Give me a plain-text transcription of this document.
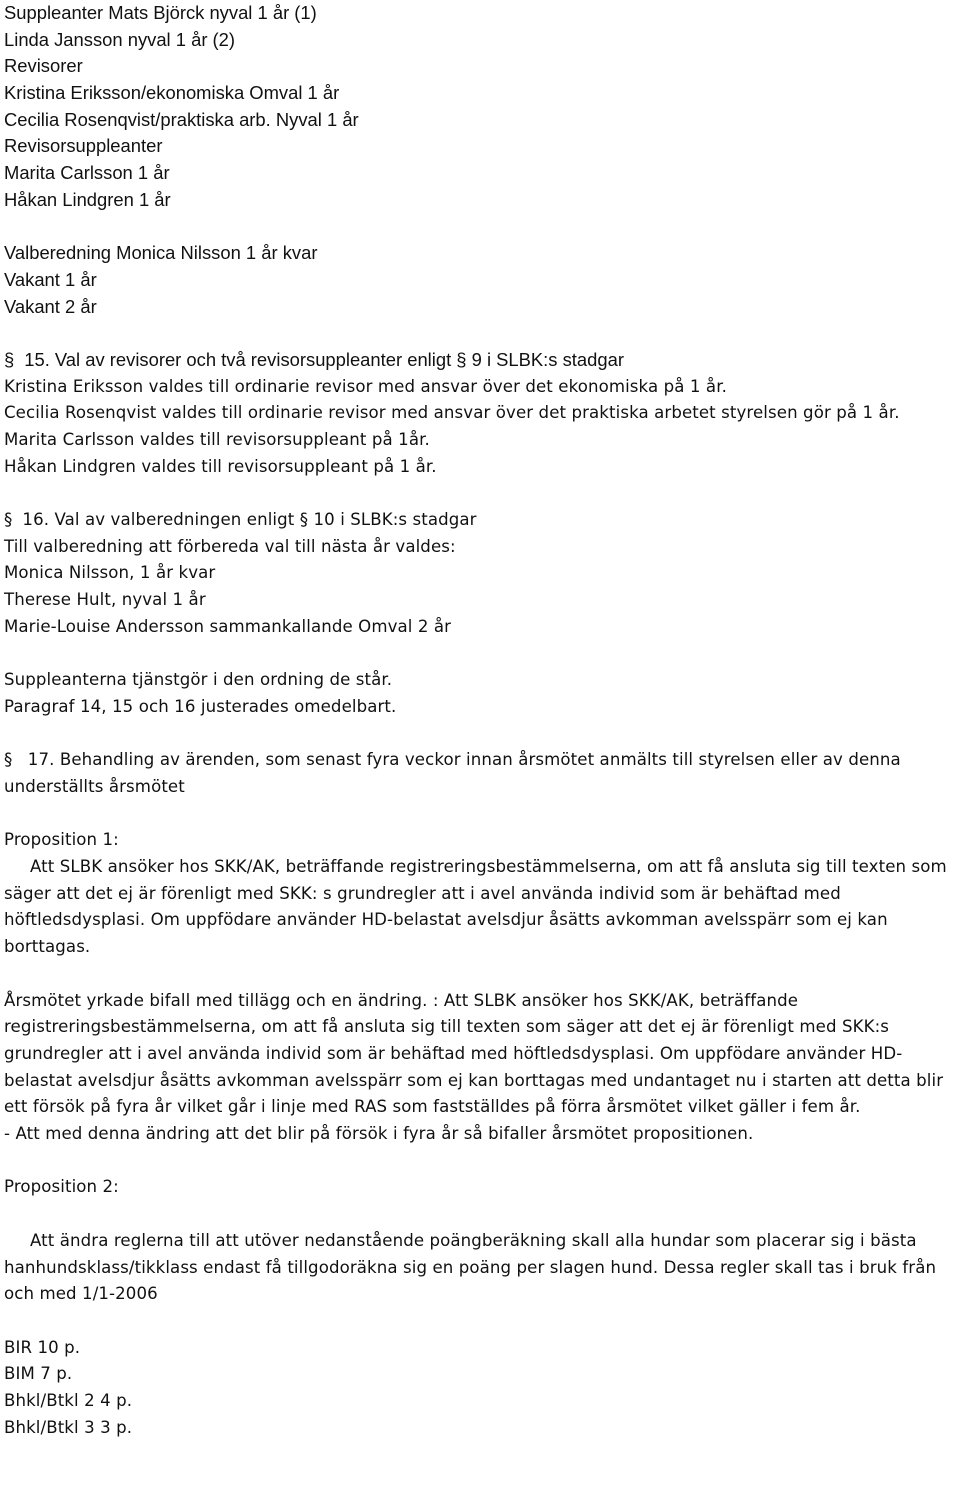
Suppleanter Mats Björck nyval 1 år (1)
Linda Jansson nyval 1 år (2)
Revisorer
Kristina Eriksson/ekonomiska Omval 1 år
Cecilia Rosenqvist/praktiska arb. Nyval 1 år
Revisorsuppleanter
Marita Carlsson 1 år
Håkan Lindgren 1 år
Valberedning Monica Nilsson 1 år kvar
Vakant 1 år
Vakant 2 år
§ 15. Val av revisorer och två revisorsuppleanter enligt § 9 i SLBK:s stadgar
Kristina Eriksson valdes till ordinarie revisor med ansvar över det ekonomiska på 1 år.

Cecilia Rosenqvist valdes till ordinarie revisor med ansvar över det praktiska arbetet styrelsen gör på 1 år.

Marita Carlsson valdes till revisorsuppleant på 1år.
Håkan Lindgren valdes till revisorsuppleant på 1 år.
§ 16. Val av valberedningen enligt § 10 i SLBK:s stadgar
Till valberedning att förbereda val till nästa år valdes:
Monica Nilsson, 1 år kvar
Therese Hult, nyval 1 år
Marie-Louise Andersson sammankallande Omval 2 år
Suppleanterna tjänstgör i den ordning de står.
Paragraf 14, 15 och 16 justerades omedelbart.
§ 17. Behandling av ärenden, som senast fyra veckor innan årsmötet anmälts till styrelsen eller av denna underställts årsmötet
Proposition 1:

Att SLBK ansöker hos SKK/AK, beträffande registreringsbestämmelserna, om att få ansluta sig till texten som säger att det ej är förenligt med SKK: s grundregler att i avel använda individ som är behäftad med höftledsdysplasi. Om uppfödare använder HD-belastat avelsdjur åsätts avkomman avelsspärr som ej kan borttagas.

Årsmötet yrkade bifall med tillägg och en ändring. : Att SLBK ansöker hos SKK/AK, beträffande registreringsbestämmelserna, om att få ansluta sig till texten som säger att det ej är förenligt med SKK:s grundregler att i avel använda individ som är behäftad med höftledsdysplasi. Om uppfödare använder HD-belastat avelsdjur åsätts avkomman avelsspärr som ej kan borttagas med undantaget nu i starten att detta blir ett försök på fyra år vilket går i linje med RAS som fastställdes på förra årsmötet vilket gäller i fem år.

- Att med denna ändring att det blir på försök i fyra år så bifaller årsmötet propositionen.
Proposition 2:

Att ändra reglerna till att utöver nedanstående poängberäkning skall alla hundar som placerar sig i bästa hanhundsklass/tikklass endast få tillgodoräkna sig en poäng per slagen hund. Dessa regler skall tas i bruk från och med 1/1-2006

BIR 10 p.
BIM 7 p.
Bhkl/Btkl 2 4 p.
Bhkl/Btkl 3 3 p.
